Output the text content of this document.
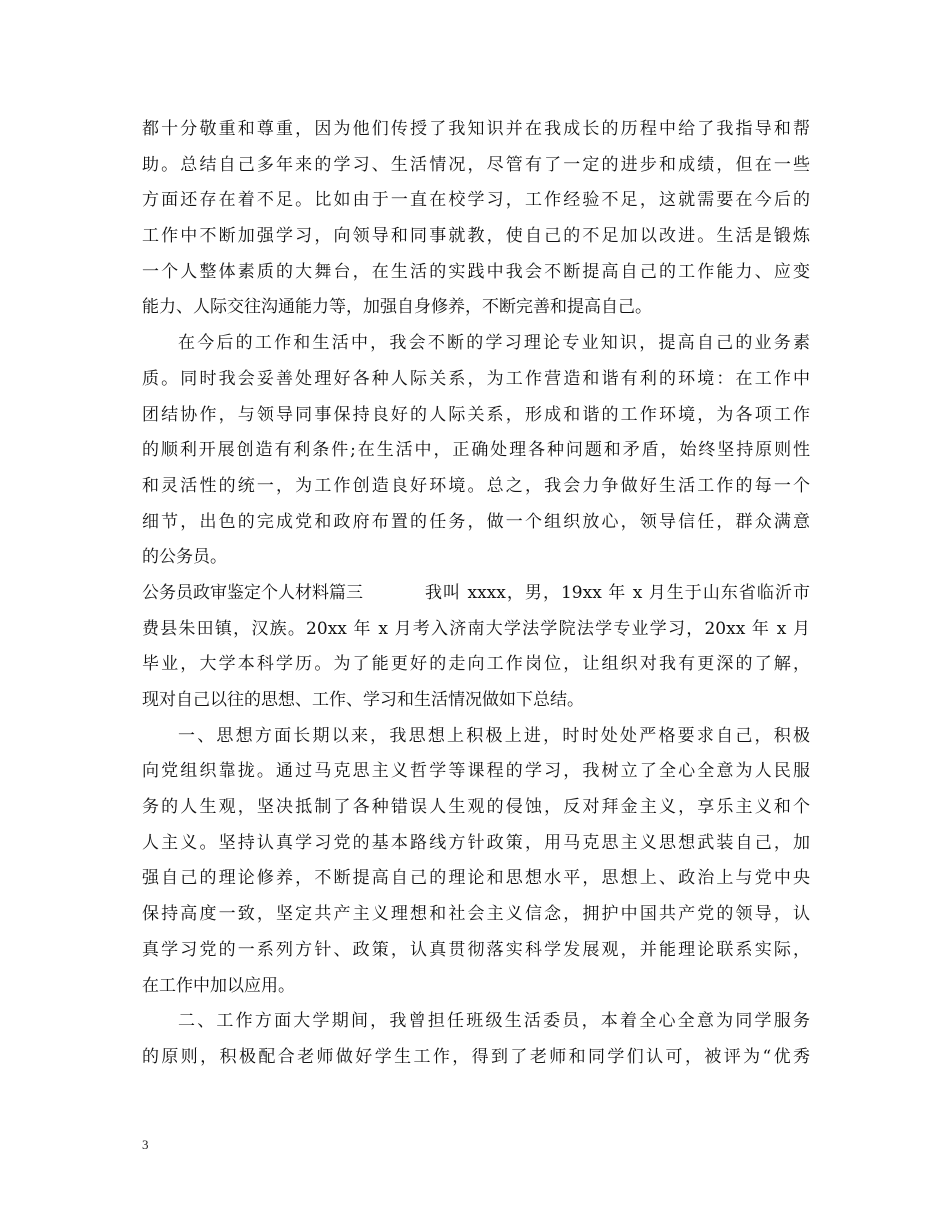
都十分敬重和尊重，因为他们传授了我知识并在我成长的历程中给了我指导和帮
助。总结自己多年来的学习、生活情况，尽管有了一定的进步和成绩，但在一些
方面还存在着不足。比如由于一直在校学习，工作经验不足，这就需要在今后的
工作中不断加强学习，向领导和同事就教，使自己的不足加以改进。生活是锻炼
一个人整体素质的大舞台，在生活的实践中我会不断提高自己的工作能力、应变
能力、人际交往沟通能力等，加强自身修养，不断完善和提高自己。
在今后的工作和生活中，我会不断的学习理论专业知识，提高自己的业务素
质。同时我会妥善处理好各种人际关系，为工作营造和谐有利的环境：在工作中
团结协作，与领导同事保持良好的人际关系，形成和谐的工作环境，为各项工作
的顺利开展创造有利条件;在生活中，正确处理各种问题和矛盾，始终坚持原则性
和灵活性的统一，为工作创造良好环境。总之，我会力争做好生活工作的每一个
细节，出色的完成党和政府布置的任务，做一个组织放心，领导信任，群众满意
的公务员。
公务员政审鉴定个人材料篇三	我叫 xxxx，男，19xx 年 x 月生于山东省临沂市
费县朱田镇，汉族。20xx 年 x 月考入济南大学法学院法学专业学习，20xx 年 x 月
毕业，大学本科学历。为了能更好的走向工作岗位，让组织对我有更深的了解，
现对自己以往的思想、工作、学习和生活情况做如下总结。
一、思想方面长期以来，我思想上积极上进，时时处处严格要求自己，积极
向党组织靠拢。通过马克思主义哲学等课程的学习，我树立了全心全意为人民服
务的人生观，坚决抵制了各种错误人生观的侵蚀，反对拜金主义，享乐主义和个
人主义。坚持认真学习党的基本路线方针政策，用马克思主义思想武装自己，加
强自己的理论修养，不断提高自己的理论和思想水平，思想上、政治上与党中央
保持高度一致，坚定共产主义理想和社会主义信念，拥护中国共产党的领导，认
真学习党的一系列方针、政策，认真贯彻落实科学发展观，并能理论联系实际，
在工作中加以应用。
二、工作方面大学期间，我曾担任班级生活委员，本着全心全意为同学服务
的原则，积极配合老师做好学生工作，得到了老师和同学们认可，被评为“优秀
3
